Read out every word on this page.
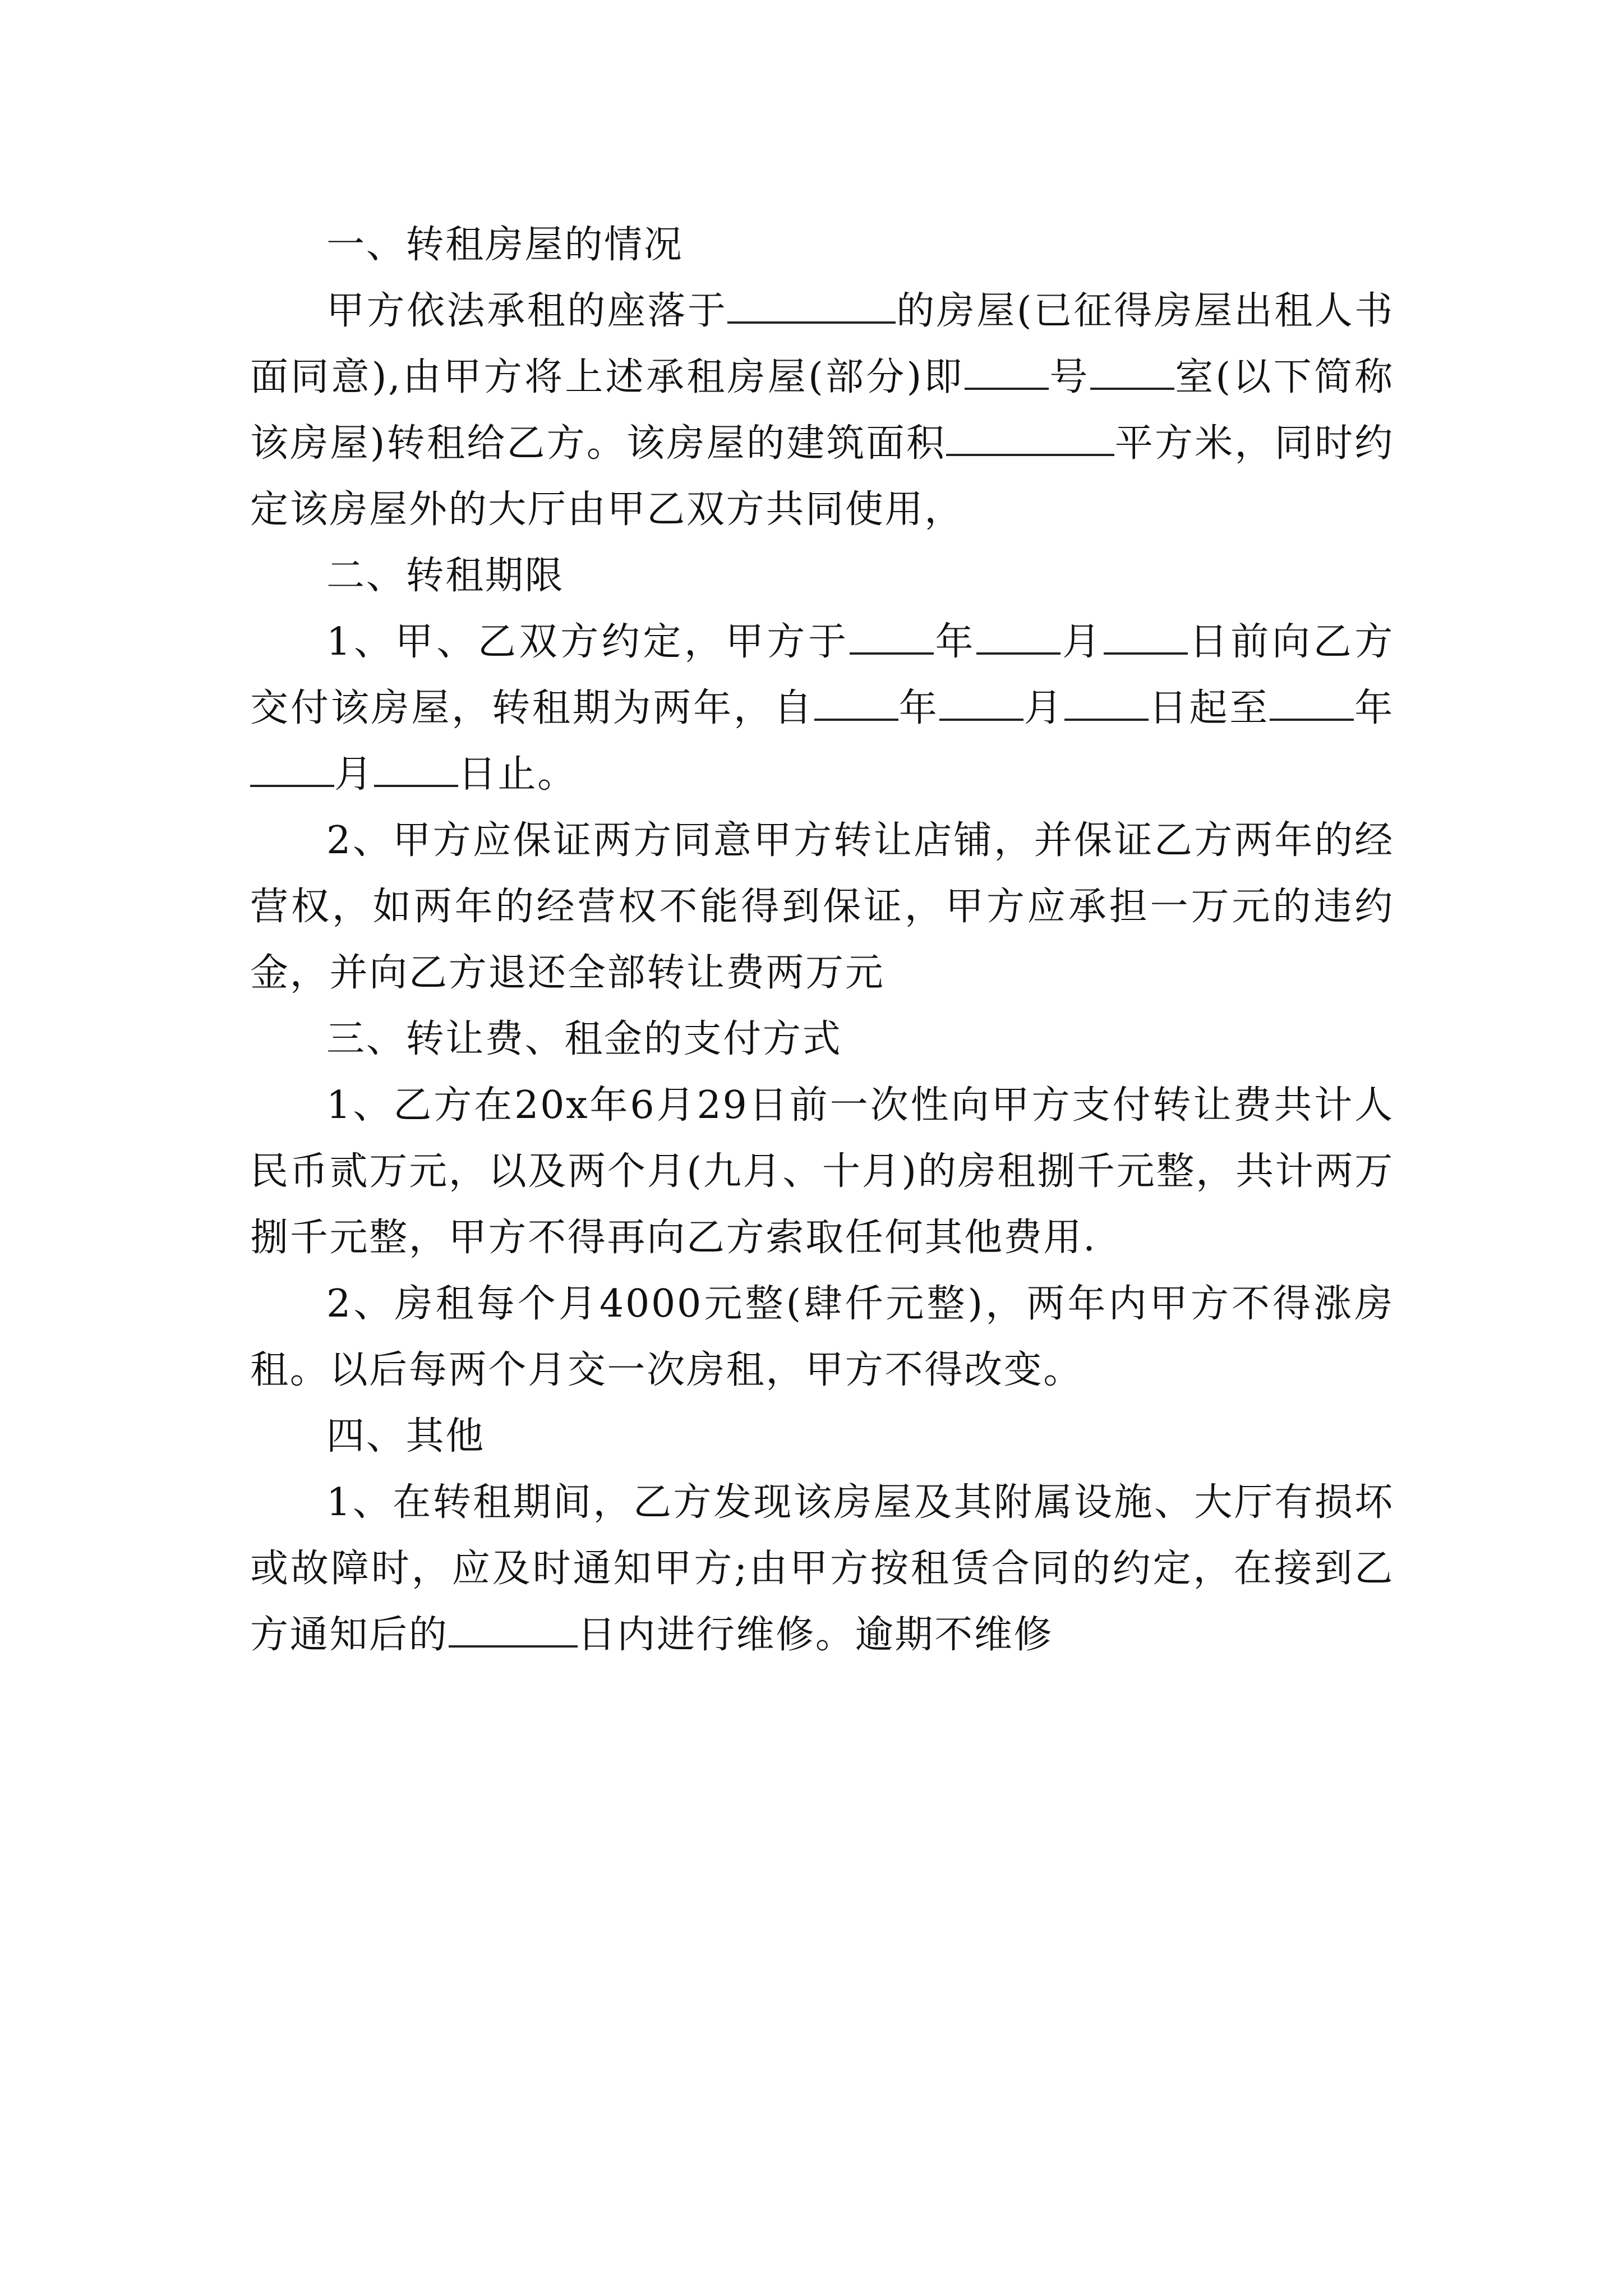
一、转租房屋的情况

甲方依法承租的座落于	的房屋(已征得房屋出租人书面同意),由甲方将上述承租房屋(部分)即 号 室(以下简称该房屋)转租给乙方。该房屋的建筑面积	平方米，同时约定该房屋外的大厅由甲乙双方共同使用，

二、转租期限

1、甲、乙双方约定，甲方于 年 月 日前向乙方交付该房屋，转租期为两年，自 年 月 日起至 年月 日止。

2、甲方应保证两方同意甲方转让店铺，并保证乙方两年的经营权，如两年的经营权不能得到保证，甲方应承担一万元的违约金，并向乙方退还全部转让费两万元

三、转让费、租金的支付方式

1、乙方在20x年6月29日前一次性向甲方支付转让费共计人民币贰万元，以及两个月(九月、十月)的房租捌千元整，共计两万捌千元整，甲方不得再向乙方索取任何其他费用.

2、房租每个月4000元整(肆仟元整)，两年内甲方不得涨房租。以后每两个月交一次房租，甲方不得改变。

四、其他

1、在转租期间，乙方发现该房屋及其附属设施、大厅有损坏或故障时，应及时通知甲方;由甲方按租赁合同的约定，在接到乙方通知后的	日内进行维修。逾期不维修
